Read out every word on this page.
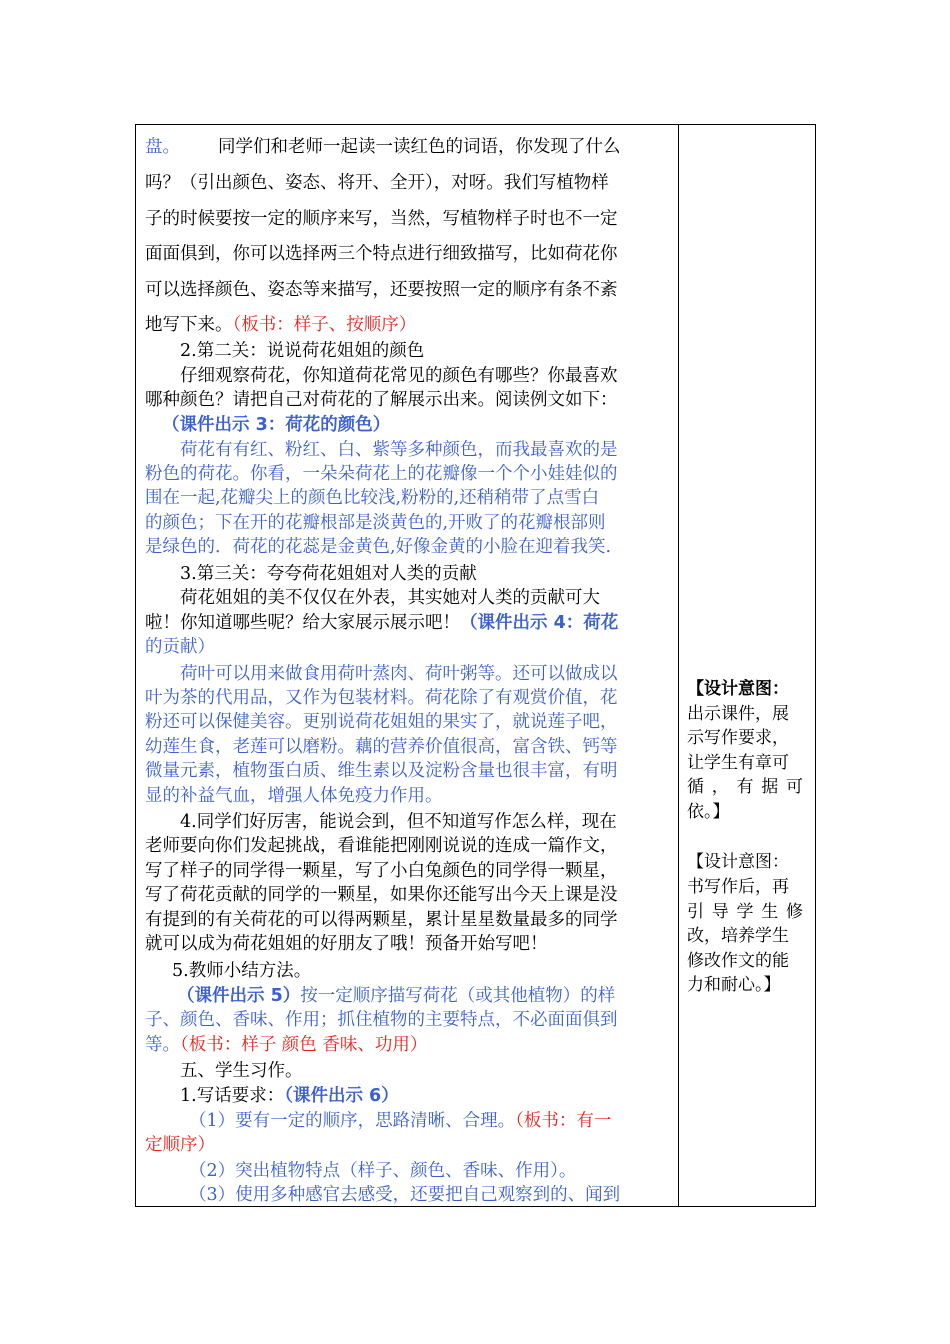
盘。 同学们和老师一起读一读红色的词语，你发现了什么
吗？（引出颜色、姿态、将开、全开），对呀。我们写植物样
子的时候要按一定的顺序来写，当然，写植物样子时也不一定
面面俱到，你可以选择两三个特点进行细致描写，比如荷花你
可以选择颜色、姿态等来描写，还要按照一定的顺序有条不紊
地写下来。（板书：样子、按顺序）
2.第二关：说说荷花姐姐的颜色
仔细观察荷花，你知道荷花常见的颜色有哪些？你最喜欢
哪种颜色？请把自己对荷花的了解展示出来。阅读例文如下：
（课件出示 3：荷花的颜色）
荷花有有红、粉红、白、紫等多种颜色，而我最喜欢的是
粉色的荷花。你看，一朵朵荷花上的花瓣像一个个小娃娃似的
围在一起,花瓣尖上的颜色比较浅,粉粉的,还稍稍带了点雪白
的颜色；下在开的花瓣根部是淡黄色的,开败了的花瓣根部则
是绿色的．荷花的花蕊是金黄色,好像金黄的小脸在迎着我笑.
3.第三关：夸夸荷花姐姐对人类的贡献
荷花姐姐的美不仅仅在外表，其实她对人类的贡献可大
啦！你知道哪些呢？给大家展示展示吧！（课件出示 4：荷花
的贡献）
荷叶可以用来做食用荷叶蒸肉、荷叶粥等。还可以做成以
叶为茶的代用品，又作为包装材料。荷花除了有观赏价值，花
粉还可以保健美容。更别说荷花姐姐的果实了，就说莲子吧，
幼莲生食，老莲可以磨粉。藕的营养价值很高，富含铁、钙等
微量元素，植物蛋白质、维生素以及淀粉含量也很丰富，有明
显的补益气血，增强人体免疫力作用。
4.同学们好厉害，能说会到，但不知道写作怎么样，现在
老师要向你们发起挑战，看谁能把刚刚说说的连成一篇作文，
写了样子的同学得一颗星，写了小白兔颜色的同学得一颗星，
写了荷花贡献的同学的一颗星，如果你还能写出今天上课是没
有提到的有关荷花的可以得两颗星，累计星星数量最多的同学
就可以成为荷花姐姐的好朋友了哦！预备开始写吧！
5.教师小结方法。
（课件出示 5）按一定顺序描写荷花（或其他植物）的样
子、颜色、香味、作用；抓住植物的主要特点，不必面面俱到
等。（板书：样子 颜色 香味、功用）
五、学生习作。
1.写话要求：（课件出示 6）
（1）要有一定的顺序，思路清晰、合理。（板书：有一
定顺序）
（2）突出植物特点（样子、颜色、香味、作用）。
（3）使用多种感官去感受，还要把自己观察到的、闻到
【设计意图：
出示课件，展
示写作要求，
让学生有章可
循 ， 有 据 可
依。】
【设计意图：
书写作后，再
引 导 学 生 修
改，培养学生
修改作文的能
力和耐心。】
